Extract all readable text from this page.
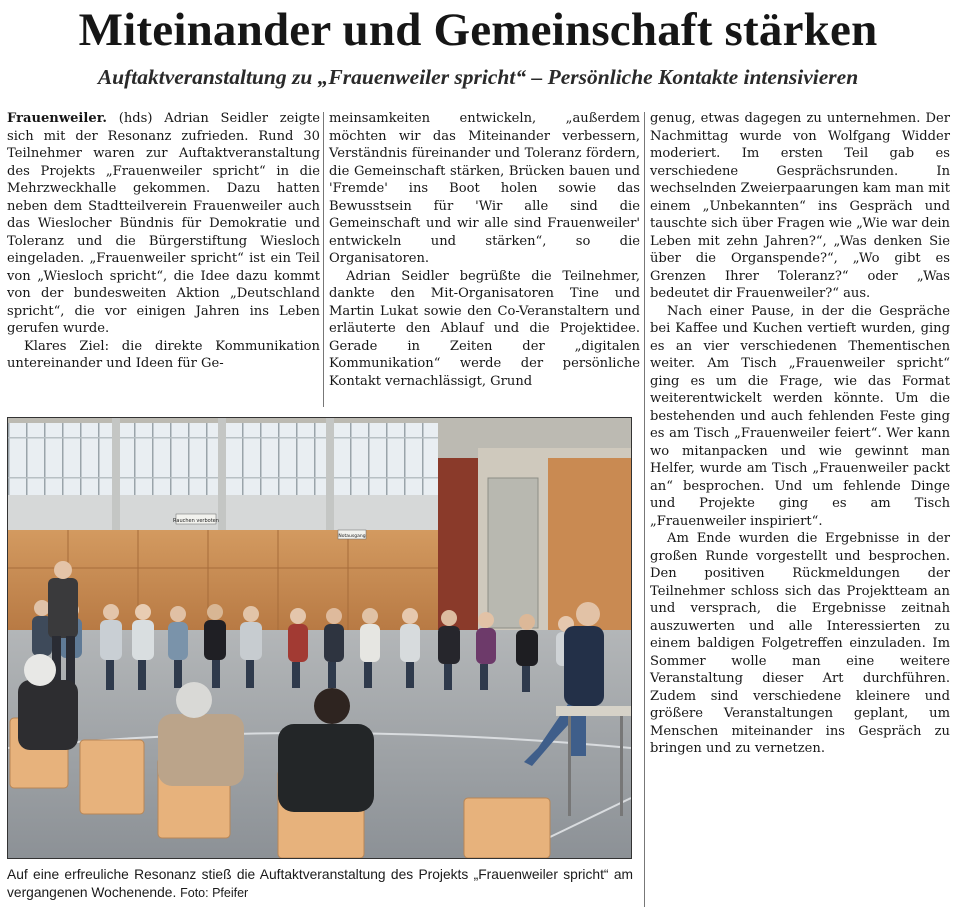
Miteinander und Gemeinschaft stärken
Auftaktveranstaltung zu „Frauenweiler spricht“ – Persönliche Kontakte intensivieren

Frauenweiler. (hds) Adrian Seidler zeigte sich mit der Resonanz zufrieden. Rund 30 Teilnehmer waren zur Auftaktveranstaltung des Projekts „Frauenweiler spricht“ in die Mehrzweckhalle gekommen. Dazu hatten neben dem Stadtteilverein Frauenweiler auch das Wieslocher Bündnis für Demokratie und Toleranz und die Bürgerstiftung Wiesloch eingeladen. „Frauenweiler spricht“ ist ein Teil von „Wiesloch spricht“, die Idee dazu kommt von der bundesweiten Aktion „Deutschland spricht“, die vor einigen Jahren ins Leben gerufen wurde.

Klares Ziel: die direkte Kommunikation untereinander und Ideen für Ge-

meinsamkeiten entwickeln, „außerdem möchten wir das Miteinander verbessern, Verständnis füreinander und Toleranz fördern, die Gemeinschaft stärken, Brücken bauen und 'Fremde' ins Boot holen sowie das Bewusstsein für 'Wir alle sind die Gemeinschaft und wir alle sind Frauenweiler' entwickeln und stärken“, so die Organisatoren.

Adrian Seidler begrüßte die Teilnehmer, dankte den Mit-Organisatoren Tine und Martin Lukat sowie den Co-Veranstaltern und erläuterte den Ablauf und die Projektidee. Gerade in Zeiten der „digitalen Kommunikation“ werde der persönliche Kontakt vernachlässigt, Grund

genug, etwas dagegen zu unternehmen. Der Nachmittag wurde von Wolfgang Widder moderiert. Im ersten Teil gab es verschiedene Gesprächsrunden. In wechselnden Zweierpaarungen kam man mit einem „Unbekannten“ ins Gespräch und tauschte sich über Fragen wie „Wie war dein Leben mit zehn Jahren?“, „Was denken Sie über die Organspende?“, „Wo gibt es Grenzen Ihrer Toleranz?“ oder „Was bedeutet dir Frauenweiler?“ aus.

Nach einer Pause, in der die Gespräche bei Kaffee und Kuchen vertieft wurden, ging es an vier verschiedenen Thementischen weiter. Am Tisch „Frauenweiler spricht“ ging es um die Frage, wie das Format weiterentwickelt werden könnte. Um die bestehenden und auch fehlenden Feste ging es am Tisch „Frauenweiler feiert“. Wer kann wo mitanpacken und wie gewinnt man Helfer, wurde am Tisch „Frauenweiler packt an“ besprochen. Und um fehlende Dinge und Projekte ging es am Tisch „Frauenweiler inspiriert“.

Am Ende wurden die Ergebnisse in der großen Runde vorgestellt und besprochen. Den positiven Rückmeldungen der Teilnehmer schloss sich das Projektteam an und versprach, die Ergebnisse zeitnah auszuwerten und alle Interessierten zu einem baldigen Folgetreffen einzuladen. Im Sommer wolle man eine weitere Veranstaltung dieser Art durchführen. Zudem sind verschiedene kleinere und größere Veranstaltungen geplant, um Menschen miteinander ins Gespräch zu bringen und zu vernetzen.

Rauchen verboten
Notausgang

Auf eine erfreuliche Resonanz stieß die Auftaktveranstaltung des Projekts „Frauenweiler spricht“ am vergangenen Wochenende. Foto: Pfeifer
